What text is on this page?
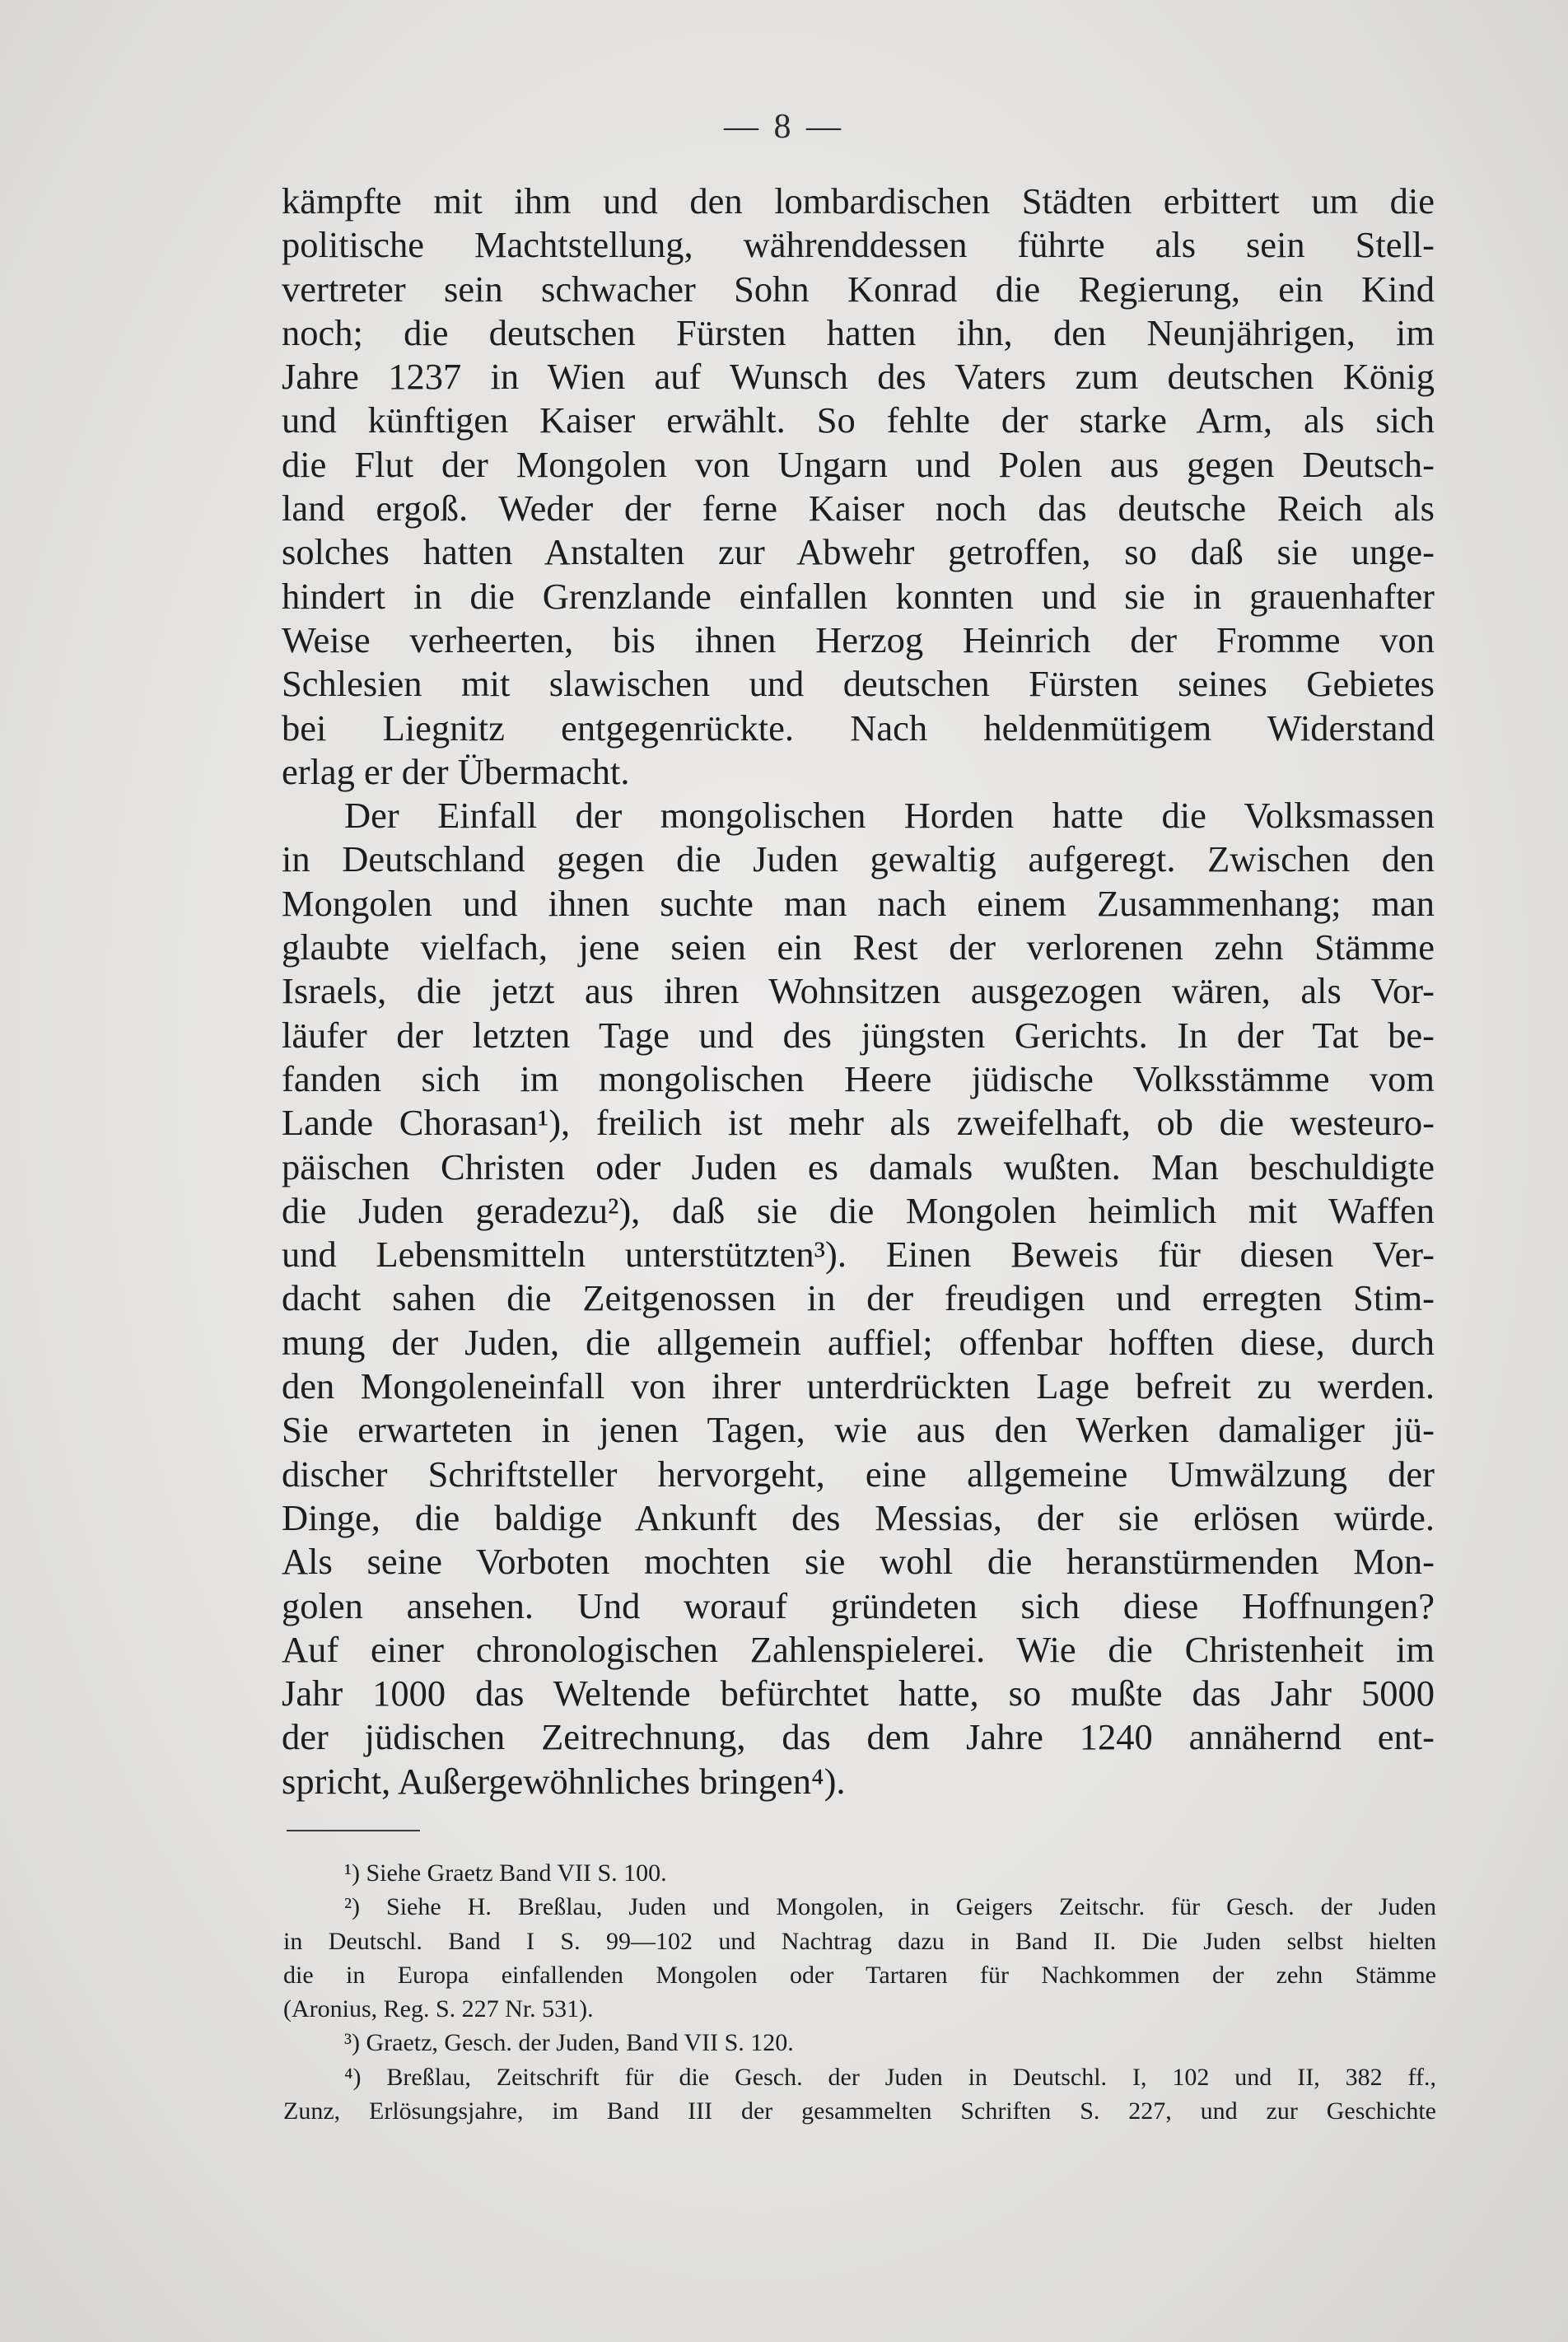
— 8 —
kämpfte mit ihm und den lombardischen Städten erbittert um die
politische Machtstellung, währenddessen führte als sein Stell-
vertreter sein schwacher Sohn Konrad die Regierung, ein Kind
noch; die deutschen Fürsten hatten ihn, den Neunjährigen, im
Jahre 1237 in Wien auf Wunsch des Vaters zum deutschen König
und künftigen Kaiser erwählt. So fehlte der starke Arm, als sich
die Flut der Mongolen von Ungarn und Polen aus gegen Deutsch-
land ergoß. Weder der ferne Kaiser noch das deutsche Reich als
solches hatten Anstalten zur Abwehr getroffen, so daß sie unge-
hindert in die Grenzlande einfallen konnten und sie in grauenhafter
Weise verheerten, bis ihnen Herzog Heinrich der Fromme von
Schlesien mit slawischen und deutschen Fürsten seines Gebietes
bei Liegnitz entgegenrückte. Nach heldenmütigem Widerstand
erlag er der Übermacht.
Der Einfall der mongolischen Horden hatte die Volksmassen
in Deutschland gegen die Juden gewaltig aufgeregt. Zwischen den
Mongolen und ihnen suchte man nach einem Zusammenhang; man
glaubte vielfach, jene seien ein Rest der verlorenen zehn Stämme
Israels, die jetzt aus ihren Wohnsitzen ausgezogen wären, als Vor-
läufer der letzten Tage und des jüngsten Gerichts. In der Tat be-
fanden sich im mongolischen Heere jüdische Volksstämme vom
Lande Chorasan¹), freilich ist mehr als zweifelhaft, ob die westeuro-
päischen Christen oder Juden es damals wußten. Man beschuldigte
die Juden geradezu²), daß sie die Mongolen heimlich mit Waffen
und Lebensmitteln unterstützten³). Einen Beweis für diesen Ver-
dacht sahen die Zeitgenossen in der freudigen und erregten Stim-
mung der Juden, die allgemein auffiel; offenbar hofften diese, durch
den Mongoleneinfall von ihrer unterdrückten Lage befreit zu werden.
Sie erwarteten in jenen Tagen, wie aus den Werken damaliger jü-
discher Schriftsteller hervorgeht, eine allgemeine Umwälzung der
Dinge, die baldige Ankunft des Messias, der sie erlösen würde.
Als seine Vorboten mochten sie wohl die heranstürmenden Mon-
golen ansehen. Und worauf gründeten sich diese Hoffnungen?
Auf einer chronologischen Zahlenspielerei. Wie die Christenheit im
Jahr 1000 das Weltende befürchtet hatte, so mußte das Jahr 5000
der jüdischen Zeitrechnung, das dem Jahre 1240 annähernd ent-
spricht, Außergewöhnliches bringen⁴).
¹) Siehe Graetz Band VII S. 100.
²) Siehe H. Breßlau, Juden und Mongolen, in Geigers Zeitschr. für Gesch. der Juden
in Deutschl. Band I S. 99—102 und Nachtrag dazu in Band II. Die Juden selbst hielten
die in Europa einfallenden Mongolen oder Tartaren für Nachkommen der zehn Stämme
(Aronius, Reg. S. 227 Nr. 531).
³) Graetz, Gesch. der Juden, Band VII S. 120.
⁴) Breßlau, Zeitschrift für die Gesch. der Juden in Deutschl. I, 102 und II, 382 ff.,
Zunz, Erlösungsjahre, im Band III der gesammelten Schriften S. 227, und zur Geschichte
